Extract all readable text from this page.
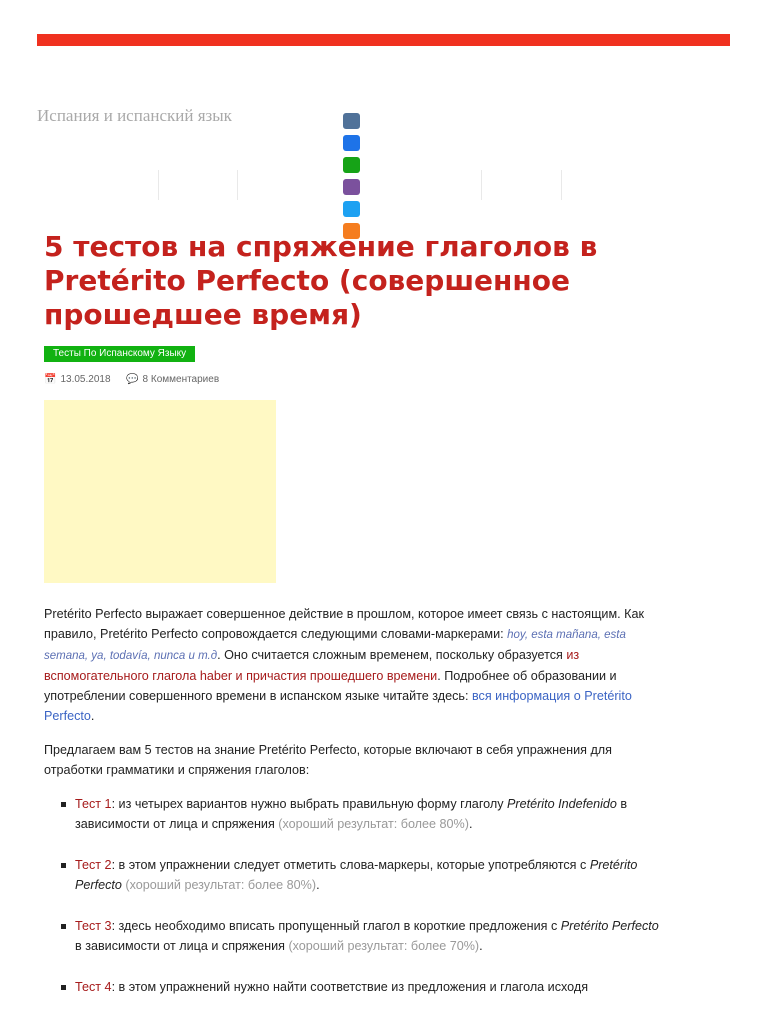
Испания и испанский язык
5 тестов на спряжение глаголов в Pretérito Perfecto (совершенное прошедшее время)
Тесты По Испанскому Языку
📅 13.05.2018 💬 8 Комментариев

Pretérito Perfecto выражает совершенное действие в прошлом, которое имеет связь с настоящим. Как правило, Pretérito Perfecto сопровождается следующими словами-маркерами: hoy, esta mañana, esta semana, ya, todavía, nunca и т.д. Оно считается сложным временем, поскольку образуется из вспомогательного глагола haber и причастия прошедшего времени. Подробнее об образовании и употреблении совершенного времени в испанском языке читайте здесь: вся информация о Pretérito Perfecto.

Предлагаем вам 5 тестов на знание Pretérito Perfecto, которые включают в себя упражнения для отработки грамматики и спряжения глаголов:

Тест 1: из четырех вариантов нужно выбрать правильную форму глаголу Pretérito Indefenido в зависимости от лица и спряжения (хороший результат: более 80%).
Тест 2: в этом упражнении следует отметить слова-маркеры, которые употребляются с Pretérito Perfecto (хороший результат: более 80%).
Тест 3: здесь необходимо вписать пропущенный глагол в короткие предложения с Pretérito Perfecto в зависимости от лица и спряжения (хороший результат: более 70%).
Тест 4: в этом упражнений нужно найти соответствие из предложения и глагола исходя
